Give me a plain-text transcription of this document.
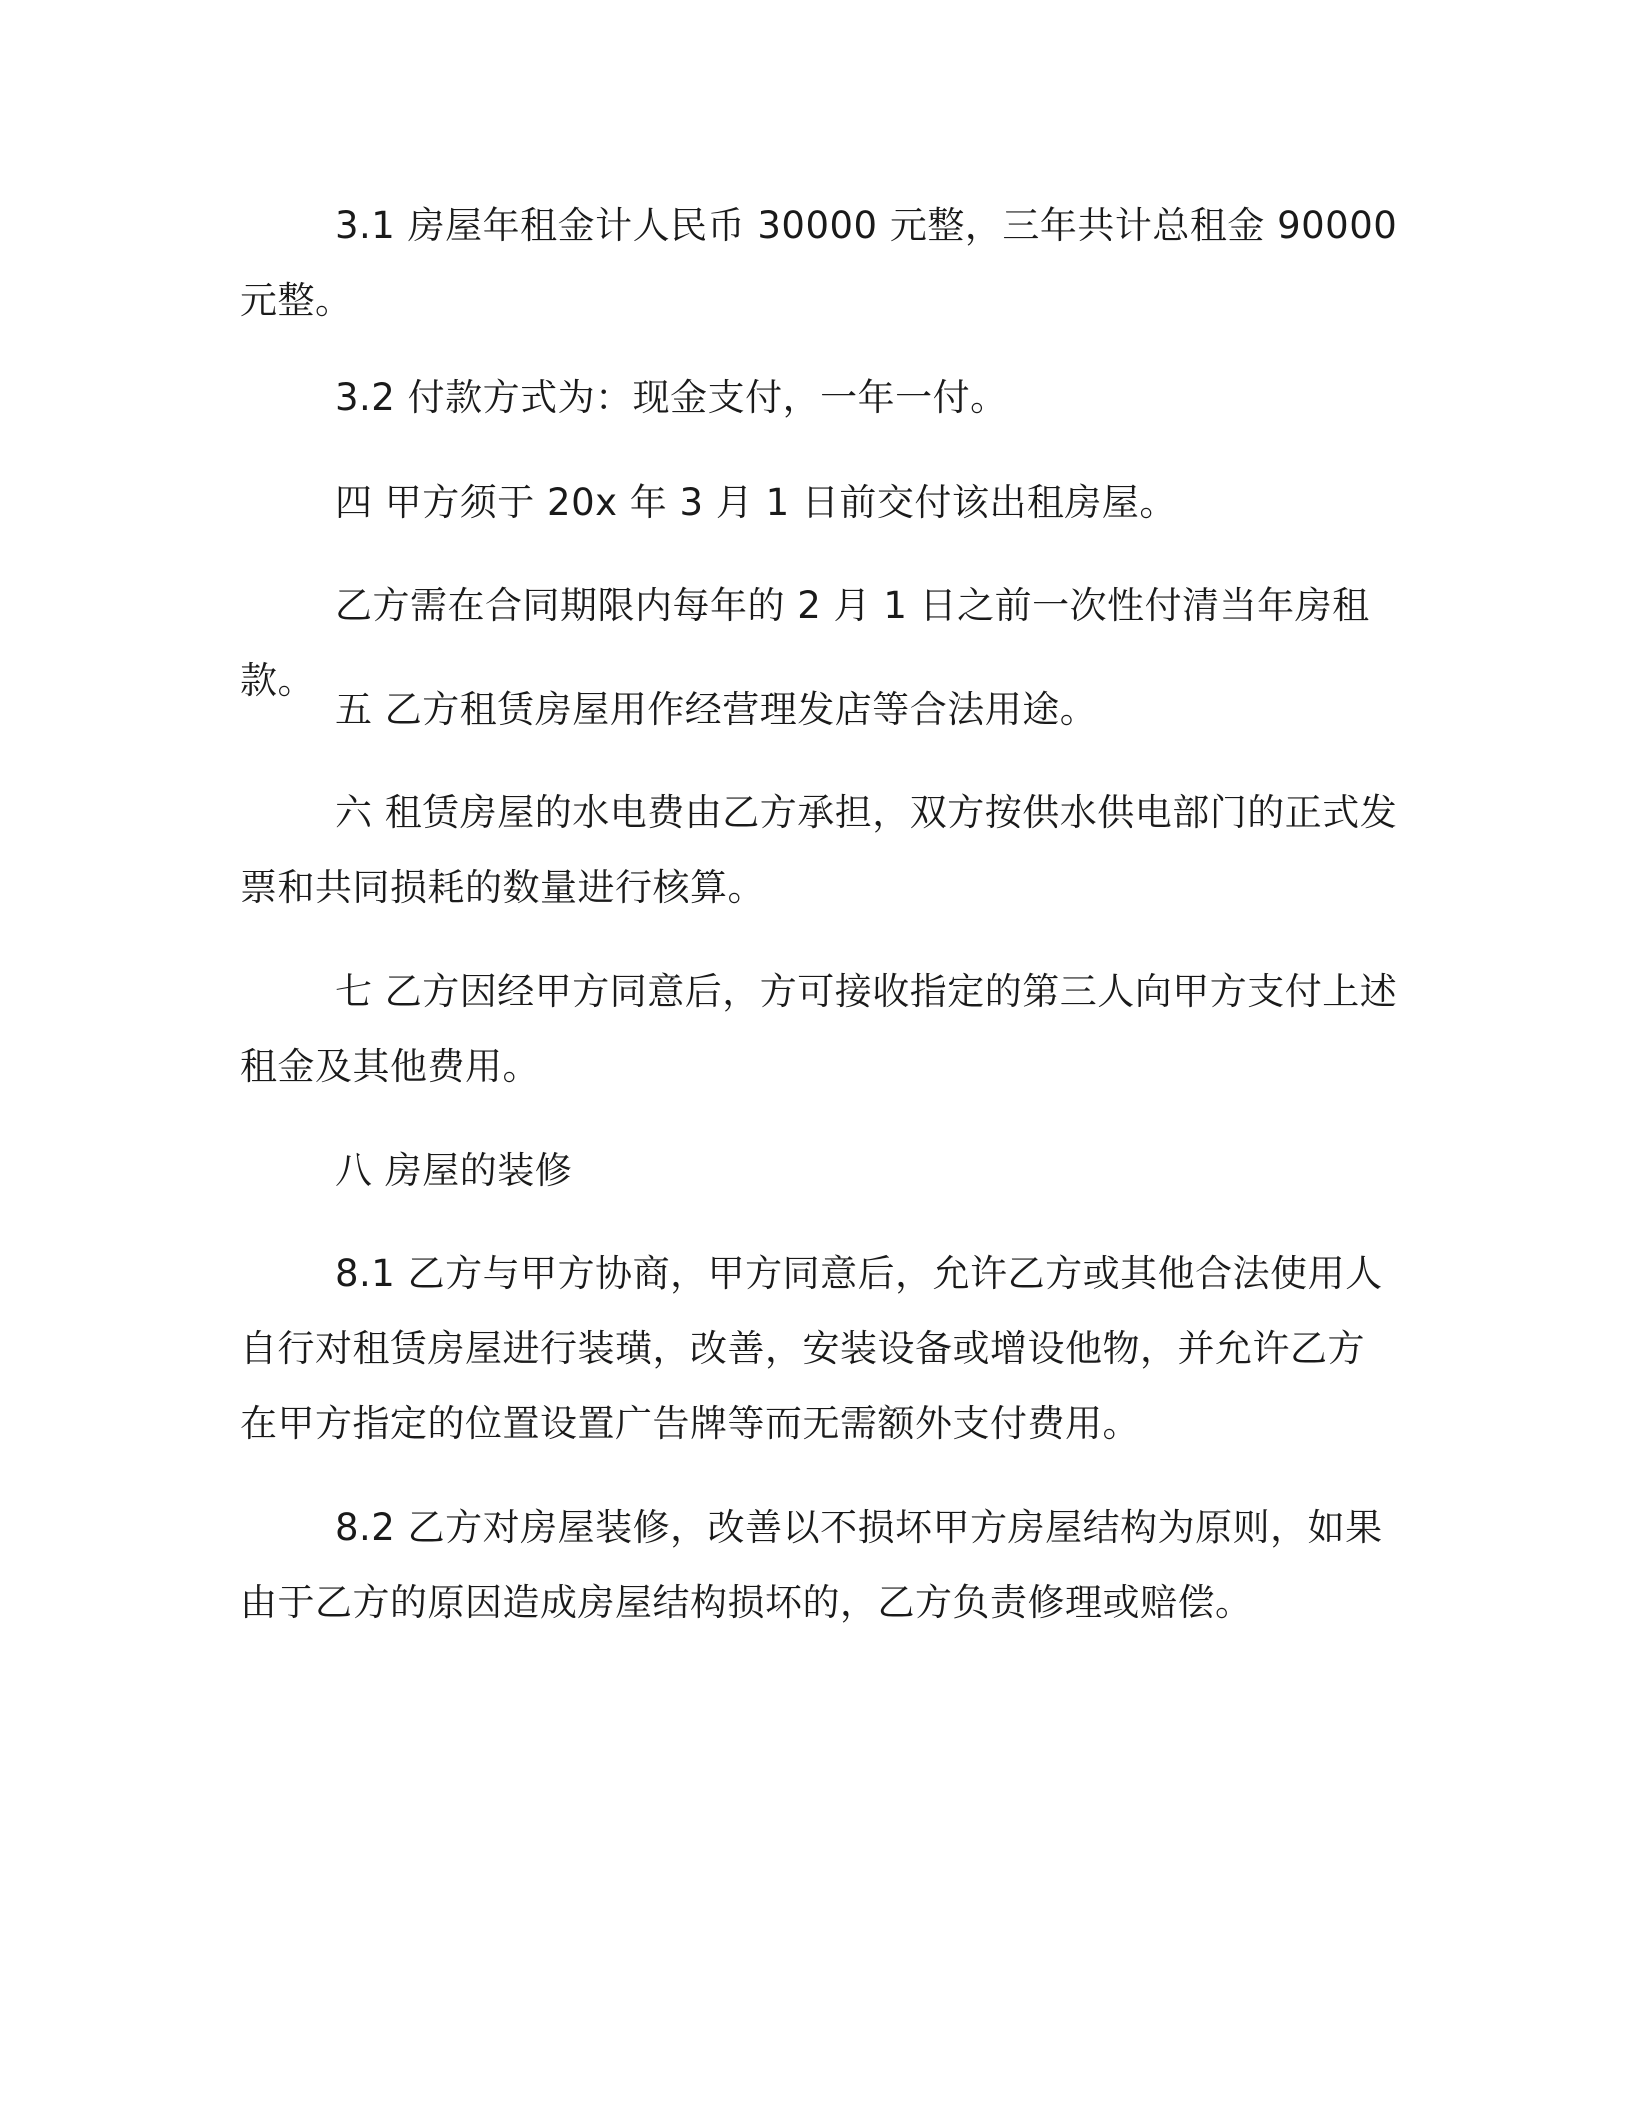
3.1 房屋年租金计人民币 30000 元整，三年共计总租金 90000
元整。

3.2 付款方式为：现金支付，一年一付。

四 甲方须于 20x 年 3 月 1 日前交付该出租房屋。

乙方需在合同期限内每年的 2 月 1 日之前一次性付清当年房租款。

五 乙方租赁房屋用作经营理发店等合法用途。

六 租赁房屋的水电费由乙方承担，双方按供水供电部门的正式发
票和共同损耗的数量进行核算。

七 乙方因经甲方同意后，方可接收指定的第三人向甲方支付上述
租金及其他费用。

八 房屋的装修

8.1 乙方与甲方协商，甲方同意后，允许乙方或其他合法使用人
自行对租赁房屋进行装璜，改善，安装设备或增设他物，并允许乙方
在甲方指定的位置设置广告牌等而无需额外支付费用。

8.2 乙方对房屋装修，改善以不损坏甲方房屋结构为原则，如果
由于乙方的原因造成房屋结构损坏的，乙方负责修理或赔偿。
